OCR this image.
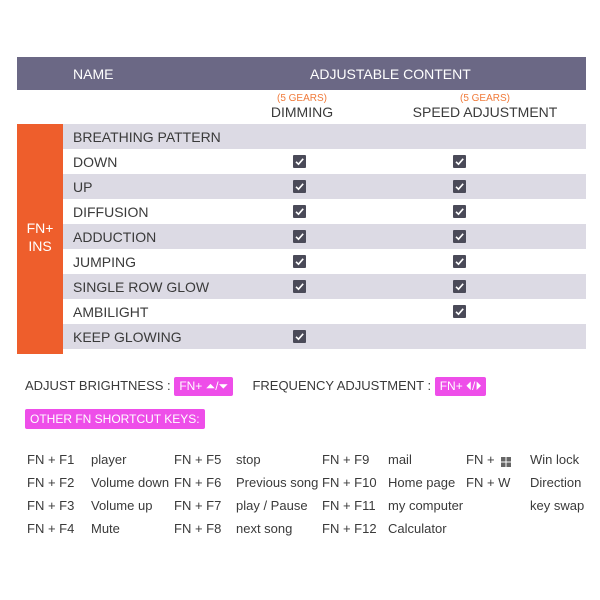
NAME	ADJUSTABLE CONTENT
(5 GEARS)
DIMMING
(5 GEARS)
SPEED ADJUSTMENT
FN+
INS
BREATHING PATTERN
DOWN
UP
DIFFUSION
ADDUCTION
JUMPING
SINGLE ROW GLOW
AMBILIGHT
KEEP GLOWING
ADJUST BRIGHTNESS : FN+ ⏶/⏷ FREQUENCY ADJUSTMENT : FN+ ⏴/⏵
OTHER FN SHORTCUT KEYS:
FN + F1 player
FN + F2 Volume down
FN + F3 Volume up
FN + F4 Mute
FN + F5 stop
FN + F6 Previous song
FN + F7 play / Pause
FN + F8 next song
FN + F9 mail
FN + F10 Home page
FN + F11 my computer
FN + F12 Calculator
FN +	Win lock
FN + W Direction
key swap
